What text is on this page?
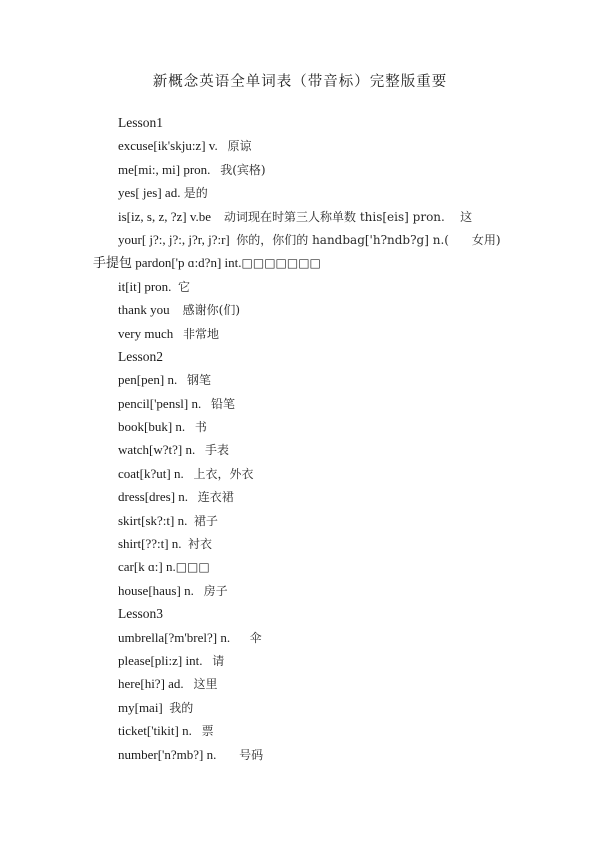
新概念英语全单词表（带音标）完整版重要
Lesson1
excuse[ik'skju:z] v. 原谅
me[mi:, mi] pron. 我(宾格)
yes[ jes] ad. 是的
is[iz, s, z, ?z] v.be 动词现在时第三人称单数 this[eis] pron.    这
your[ j?:, j?:, j?r, j?:r] 你的，你们的 handbag['h?ndb?g] n.(      女用)
手提包 pardon['p ɑ:d?n] int.□□□□□□□
it[it] pron. 它
thank you 感谢你(们)
very much 非常地
Lesson2
pen[pen] n. 钢笔
pencil['pensl] n. 铅笔
book[buk] n. 书
watch[w?t?] n. 手表
coat[k?ut] n. 上衣，外衣
dress[dres] n. 连衣裙
skirt[sk?:t] n. 裙子
shirt[??:t] n. 衬衣
car[k ɑ:] n.□□□
house[haus] n. 房子
Lesson3
umbrella[?m'brel?] n. 伞
please[pli:z] int. 请
here[hi?] ad. 这里
my[mai] 我的
ticket['tikit] n. 票
number['n?mb?] n. 号码
